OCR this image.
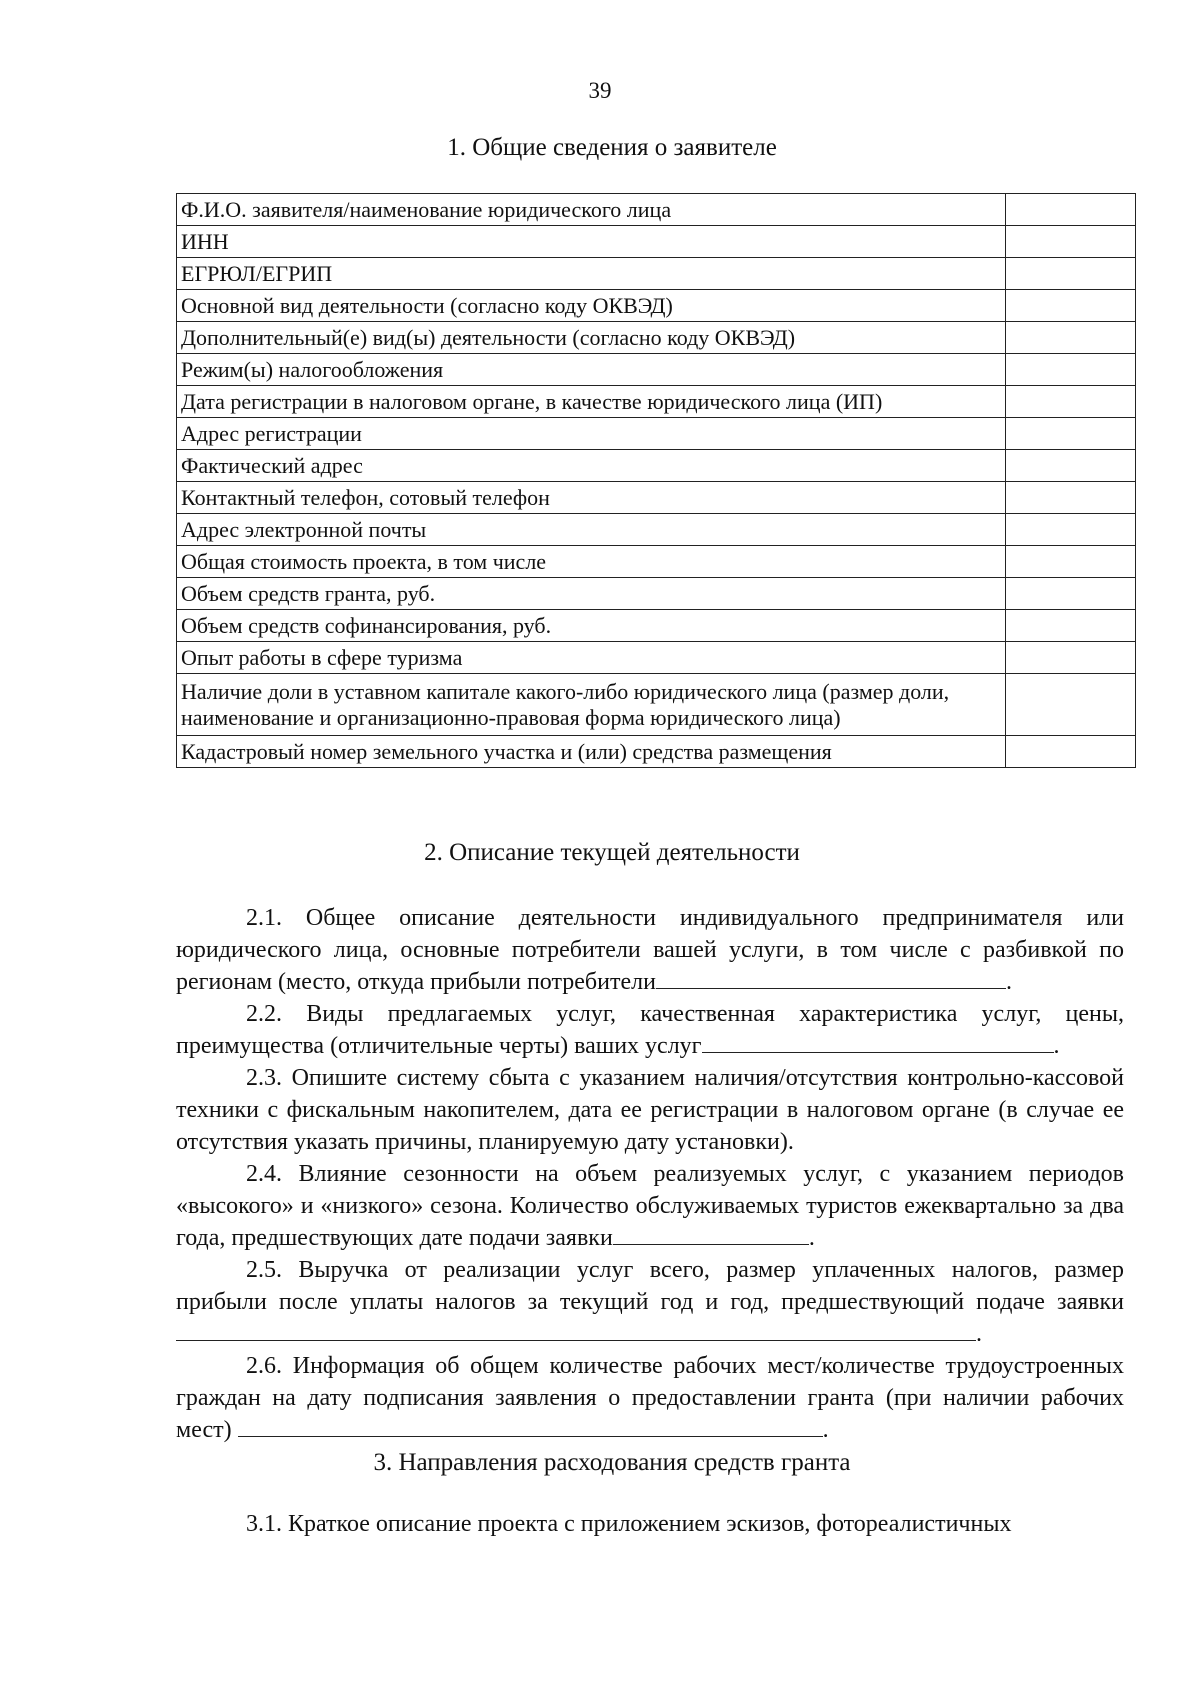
39
1. Общие сведения о заявителе
Ф.И.О. заявителя/наименование юридического лица	
ИНН	
ЕГРЮЛ/ЕГРИП	
Основной вид деятельности (согласно коду ОКВЭД)	
Дополнительный(е) вид(ы) деятельности (согласно коду ОКВЭД)	
Режим(ы) налогообложения	
Дата регистрации в налоговом органе, в качестве юридического лица (ИП)	
Адрес регистрации	
Фактический адрес	
Контактный телефон, сотовый телефон	
Адрес электронной почты	
Общая стоимость проекта, в том числе	
Объем средств гранта, руб.	
Объем средств софинансирования, руб.	
Опыт работы в сфере туризма	
Наличие доли в уставном капитале какого-либо юридического лица (размер доли, наименование и организационно-правовая форма юридического лица)	
Кадастровый номер земельного участка и (или) средства размещения	
2. Описание текущей деятельности

2.1. Общее описание деятельности индивидуального предпринимателя или юридического лица, основные потребители вашей услуги, в том числе с разбивкой по регионам (место, откуда прибыли потребители	.

2.2. Виды предлагаемых услуг, качественная характеристика услуг, цены, преимущества (отличительные черты) ваших услуг	.

2.3. Опишите систему сбыта с указанием наличия/отсутствия контрольно-кассовой техники с фискальным накопителем, дата ее регистрации в налоговом органе (в случае ее отсутствия указать причины, планируемую дату установки).

2.4. Влияние сезонности на объем реализуемых услуг, с указанием периодов «высокого» и «низкого» сезона. Количество обслуживаемых туристов ежеквартально за два года, предшествующих дате подачи заявки	.

2.5. Выручка от реализации услуг всего, размер уплаченных налогов, размер прибыли после уплаты налогов за текущий год и год, предшествующий подаче заявки.

2.6. Информация об общем количестве рабочих мест/количестве трудоустроенных граждан на дату подписания заявления о предоставлении гранта (при наличии рабочих мест)	.

3. Направления расходования средств гранта

3.1. Краткое описание проекта с приложением эскизов, фотореалистичных
